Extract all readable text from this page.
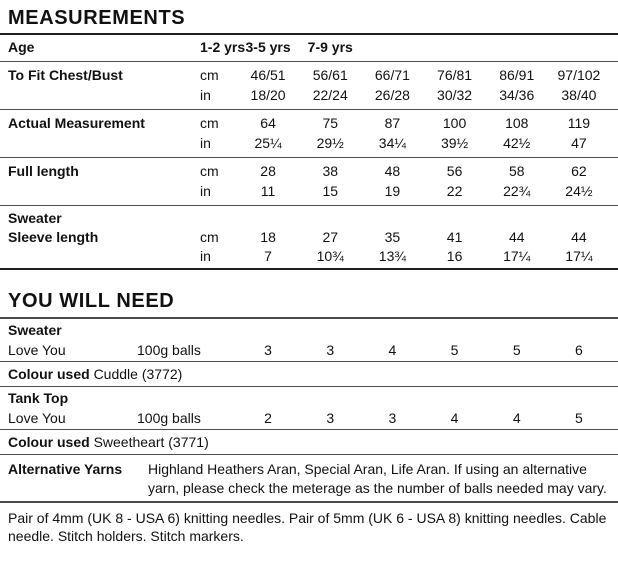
MEASUREMENTS
Age	1-2 yrs 3-5 yrs	7-9 yrs
To Fit Chest/Bust	cm	46/51	56/61	66/71	76/81	86/91	97/102
in	18/20	22/24	26/28	30/32	34/36	38/40
Actual Measurement	cm	64	75	87	100	108	119
in	25¼	29½	34¼	39½	42½	47
Full length	cm	28	38	48	56	58	62
in	11	15	19	22	22¾	24½
Sweater
Sleeve length	cm	18	27	35	41	44	44
in	7	10¾	13¾	16	17¼	17¼
YOU WILL NEED
Sweater
Love You	100g balls	3	3	4	5	5	6
Colour used Cuddle (3772)
Tank Top
Love You	100g balls	2	3	3	4	4	5
Colour used Sweetheart (3771)
Alternative Yarns	Highland Heathers Aran, Special Aran, Life Aran. If using an alternative yarn, please check the meterage as the number of balls needed may vary.
Pair of 4mm (UK 8 - USA 6) knitting needles. Pair of 5mm (UK 6 - USA 8) knitting needles. Cable needle. Stitch holders. Stitch markers.
